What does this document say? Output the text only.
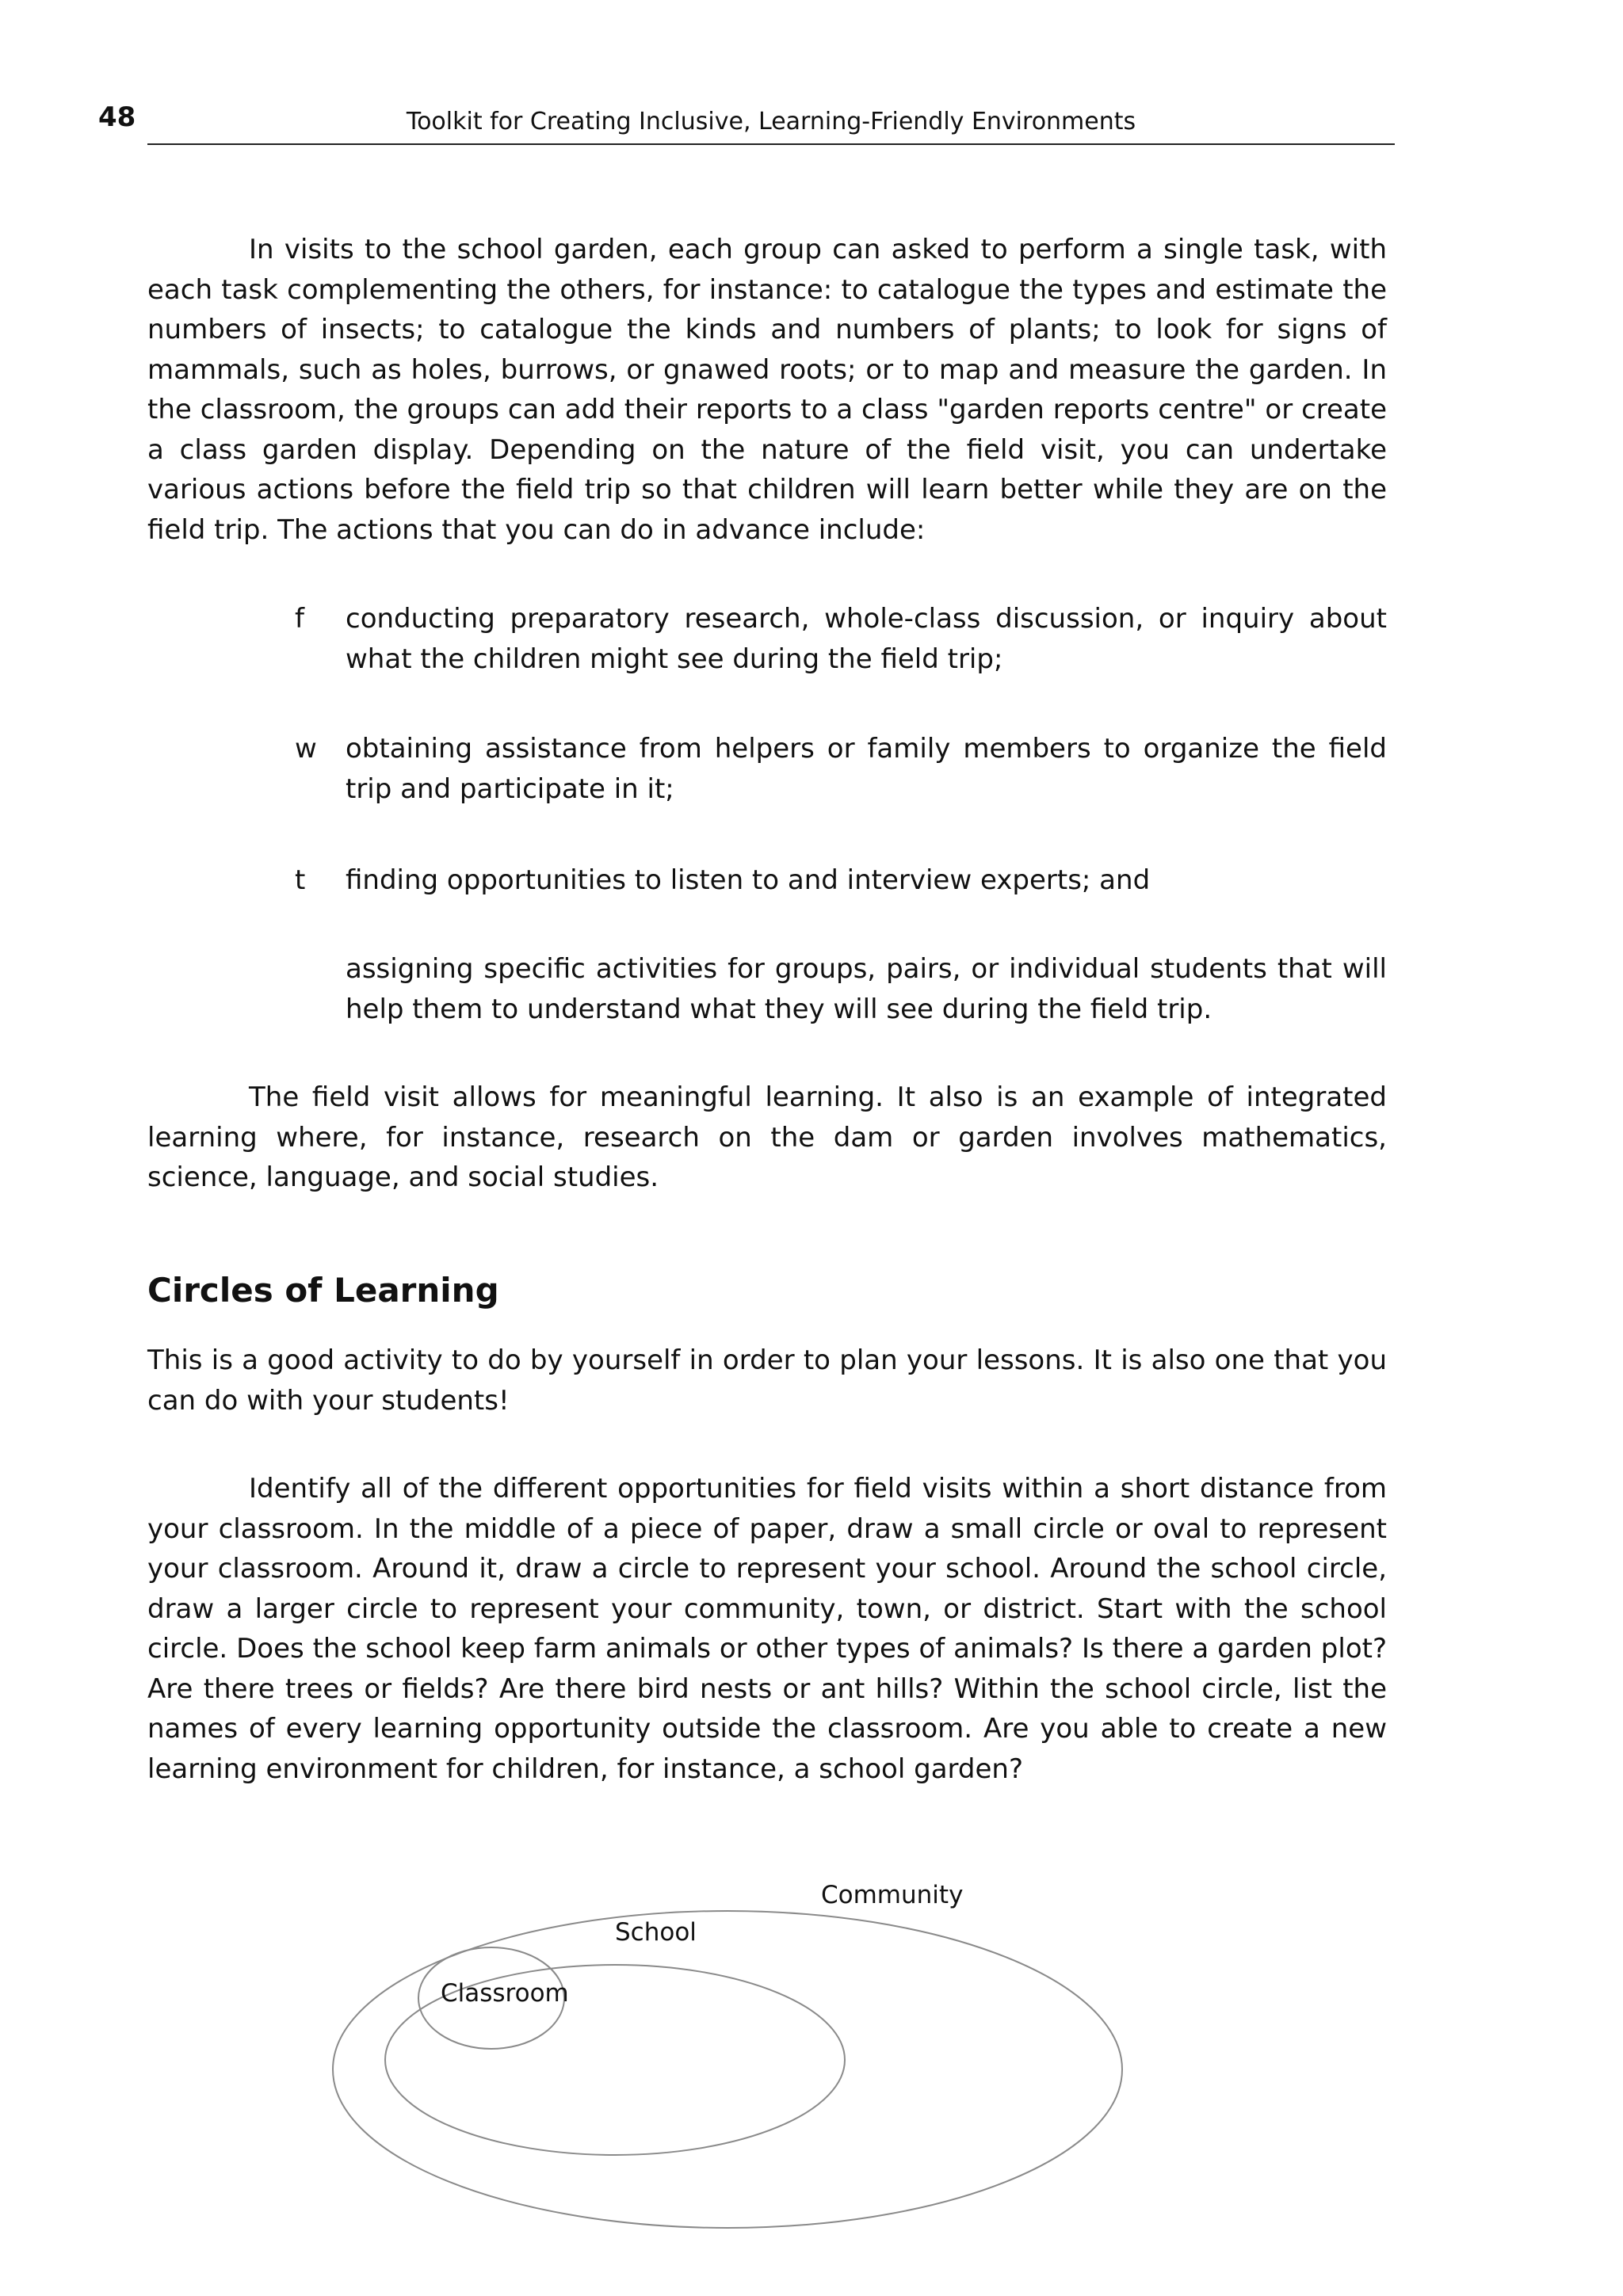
48	Toolkit for Creating Inclusive, Learning-Friendly Environments

In visits to the school garden, each group can asked to perform a single task, with each task complementing the others, for instance: to catalogue the types and estimate the numbers of insects; to catalogue the kinds and numbers of plants; to look for signs of mammals, such as holes, burrows, or gnawed roots; or to map and measure the garden. In the classroom, the groups can add their reports to a class "garden reports centre" or create a class garden display. Depending on the nature of the field visit, you can undertake various actions before the field trip so that children will learn better while they are on the field trip. The actions that you can do in advance include:

f	conducting preparatory research, whole-class discussion, or inquiry about what the children might see during the field trip;

w	obtaining assistance from helpers or family members to organize the field trip and participate in it;

t	finding opportunities to listen to and interview experts; and

assigning specific activities for groups, pairs, or individual students that will help them to understand what they will see during the field trip.

The field visit allows for meaningful learning. It also is an example of integrated learning where, for instance, research on the dam or garden involves mathematics, science, language, and social studies.

Circles of Learning

This is a good activity to do by yourself in order to plan your lessons. It is also one that you can do with your students!

Identify all of the different opportunities for field visits within a short distance from your classroom. In the middle of a piece of paper, draw a small circle or oval to represent your classroom. Around it, draw a circle to represent your school. Around the school circle, draw a larger circle to represent your community, town, or district. Start with the school circle. Does the school keep farm animals or other types of animals? Is there a garden plot? Are there trees or fields? Are there bird nests or ant hills? Within the school circle, list the names of every learning opportunity outside the classroom. Are you able to create a new learning environment for children, for instance, a school garden?

Community
School
Classroom
